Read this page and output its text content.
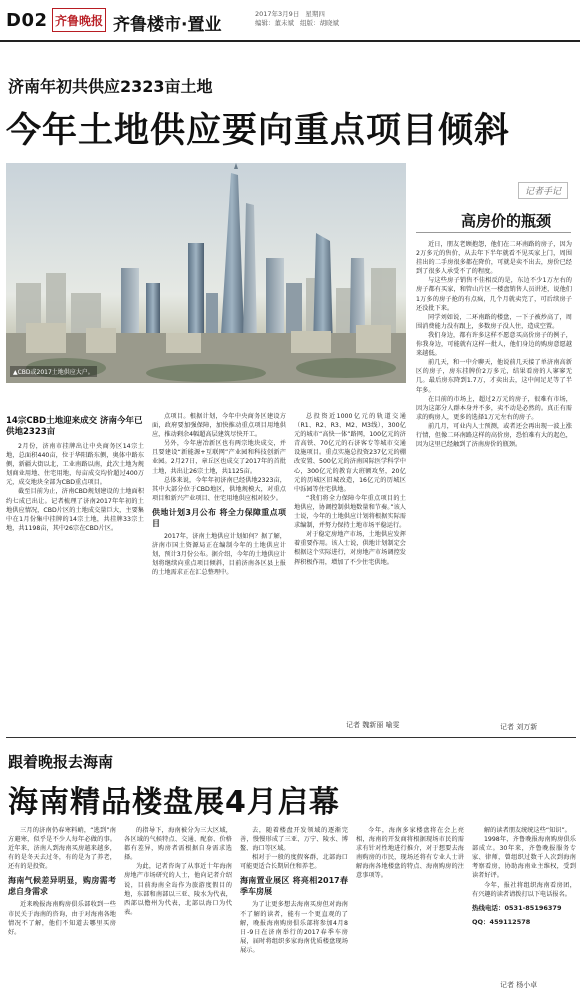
D02 齐鲁晚报 齐鲁楼市·置业
2017年3月9日 星期四
编辑：董未斌 组版：胡晓斌
济南年初共供应2323亩土地
今年土地供应要向重点项目倾斜
▲CBD或2017土地供应大户。
14宗CBD土地迎来成交 济南今年已供地2323亩

2月份，济南市挂牌出让中央商务区14宗土地，总面积440亩，位于华阳路东侧，奥体中路东侧，新疆大街以北，工业南路以南，此次土地为规划商业用地、住宅用地，每亩成交均价超过400万元，成交地块全部为CBD重点项目。

截至目前为止，济南CBD规划建设的土地面积约七成已出让。记者梳理了济南2017年年初的土地供应情况，CBD片区的土地成交量巨大，主要集中在1月份集中挂牌的14宗土地，共挂牌33宗土地，共1198亩，其中26宗在CBD片区。

点项目。根据计划，今年中央商务区建设方面，政府要加强保障，加快推动重点项目用地供应，推动剩余4幅超高层建筑尽快开工。

另外，今年唐冶新区也有两宗地块成交，并且要建设“新能源+互联网”产业园和科技创新产业园。2月27日，章丘区也成交了2017年的首批土地，共出让26宗土地，共1125亩。

总体来说，今年年初济南已经供地2323亩，其中大部分位于CBD地区，供地规模大，对重点项目和新兴产业项目、住宅用地供应相对较少。

供地计划3月公布 将全力保障重点项目

2017年，济南土地供应计划如何？据了解，济南市国土资源局正在编制今年的土地供应计划，预计3月份公布。据介绍，今年的土地供应计划将继续向重点项目倾斜，目前济南各区县上报的土地需求正在汇总整理中。

总投资近1000亿元的轨道交通（R1、R2、R3、M2、M3线），300亿元的城市“高快一体”路网，100亿元的济青高铁、70亿元的石济客专等城市交通设施项目。重点实施总投资237亿元的棚改安置、500亿元的济南国际医学科学中心，300亿元的教育大班额攻坚，20亿元的历城区旧城改造，16亿元的历城区中泺园等住宅供地。

“我们将全力保障今年重点项目的土地供应，协调控制供地数量和节奏。”该人士说，今年的土地供应计划将根据实际需求编制，并努力保持土地市场平稳运行。

对于稳定房地产市场，土地供应发挥着重要作用。该人士说，供地计划制定会根据这个实际进行，对房地产市场调控发挥积极作用，增加了不少住宅供地。

记者 魏新丽 喻雯
记者手记
高房价的瓶颈

近日，朋友老顾抱怨，他们在二环南路的房子，因为2万多元的售价，从去年下半年就看不见买家上门，周围挂出的二手房很多都在降价，可就是卖不出去，房价已经到了很多人承受不了的程度。

与这些房子销售不佳相反的是，东边不少1万左右的房子都有买家，和管山片区一楼盘销售人员讲述，说他们1万多的房子抢的有点疯，几个月就卖完了，可后续房子还没批下来。

同学刘如说，二环南路的楼盘，一下子被炒高了，周围消费能力没有跟上，多数房子没人住，造成空置。

我们身边，都有许多这样不愿意买高价房子的例子，你我身边，可能就有这样一批人，他们身边的购房意愿越来越低。

前几天，和一中介聊天，他说前几天接了单济南高新区的房子，房东挂牌价2万多元，结果看房的人寥寥无几。最后房东降到1.7万，才卖出去，这中间足足等了半年多。

在目前的市场上，超过2万元的房子，很难有市场，因为这部分人群本身并不多，卖不动是必然的。真正有需求的购房人，更多的选择1万元左右的房子。

前几月，可业内人士预测，或者还会再出现一波上涨行情，但像二环南路这样的高价房，恐怕难有大的起色，因为这里已经触到了济南房价的瓶颈。

记者 刘万新
跟着晚报去海南
海南精品楼盘展4月启幕

三月的济南仍春寒料峭，“逃到”南方避寒，似乎是不少人每年必做的事。近年来，济南人到海南买房越来越多，有的是冬天去过冬，有的是为了养老，还有的是投资。

海南气候差异明显，购房需考虑自身需求

近来晚报海南购房俱乐部收到一些市民关于海南的咨询，由于对海南各地情况不了解，他们不知道去哪里买房好。

的指导下，海南被分为三大区域，各区域的气候特点、交通、配套、价格都有差异，购房者需根据自身需求选择。

为此，记者咨询了从事近十年海南房地产市场研究的人士，他向记者介绍说，目前海南全岛作为旅游度假目的地，东部和南部以三亚、陵水为代表，西部以儋州为代表，北部以海口为代表。

去，随着楼盘开发领域的逐渐完善，慢慢形成了三亚、万宁、陵水、博鳌、海口等区域。

相对于一般的度假客群，北部海口可能更适合长期居住和养老。

海南置业展区 将亮相2017春季车房展

为了让更多想去海南买房但对海南不了解的读者，能有一个更直观的了解，晚报海南购房俱乐部将参加4月8日-9日在济南举行的2017春季车房展，届时将组织多家海南优质楼盘现场展示。

今年，海南多家楼盘将在会上亮相，海南的开发商将根据现场市民的需求有针对性地进行推介，对于想要去海南购房的市民，现场还将有专业人士讲解海南各地楼盘的特点、海南购房的注意事项等。

解的读者朋友统统这些“知识”。

1998年，齐鲁晚报海南购房俱乐部成立。30年来，齐鲁晚报服务专家、律师，曾组织过数千人次到海南考察看房，协助海南业主维权，受到读者好评。

今年，报社将组织海南看房团，有兴趣的读者请拨打以下电话报名。

热线电话：0531-85196379

QQ：459112578

记者 杨小卓
